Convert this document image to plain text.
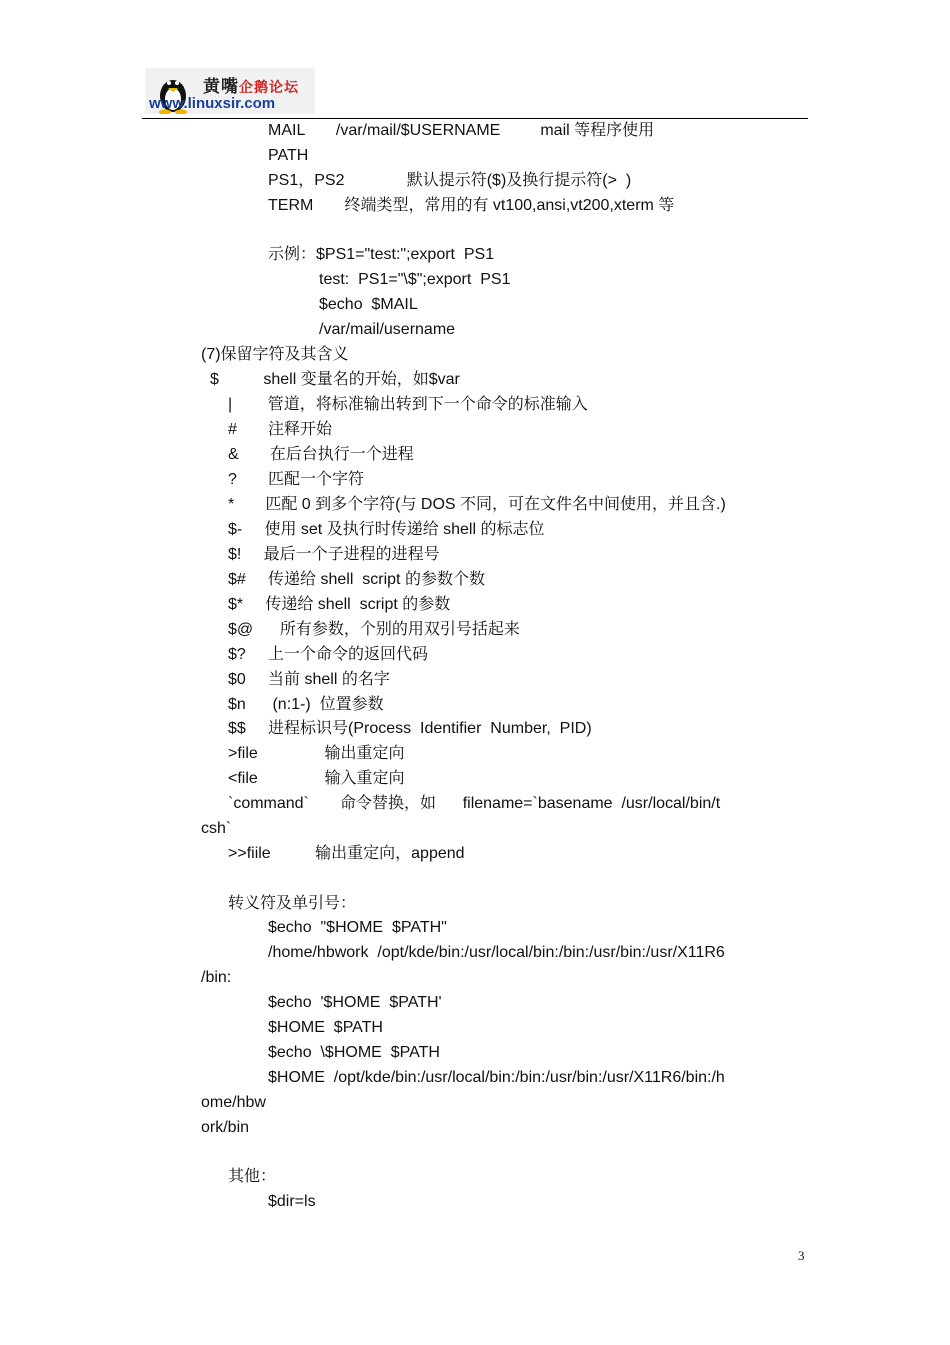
黄嘴企鹅论坛
www.linuxsir.com
MAIL       /var/mail/$USERNAME         mail 等程序使用
PATH
PS1，PS2              默认提示符($)及换行提示符(>  )
TERM       终端类型，常用的有 vt100,ansi,vt200,xterm 等
示例：$PS1="test:";export  PS1
test:  PS1="\$";export  PS1
$echo  $MAIL
/var/mail/username
(7)保留字符及其含义
$          shell 变量名的开始，如$var
|        管道，将标准输出转到下一个命令的标准输入
#       注释开始
&       在后台执行一个进程
?       匹配一个字符
*       匹配 0 到多个字符(与 DOS 不同，可在文件名中间使用，并且含.)
$-     使用 set 及执行时传递给 shell 的标志位
$!     最后一个子进程的进程号
$#     传递给 shell  script 的参数个数
$*     传递给 shell  script 的参数
$@      所有参数，个别的用双引号括起来
$?     上一个命令的返回代码
$0     当前 shell 的名字
$n      (n:1-)  位置参数
$$     进程标识号(Process  Identifier  Number,  PID)
>file               输出重定向
<file               输入重定向
`command`       命令替换，如      filename=`basename  /usr/local/bin/t
csh`
>>fiile          输出重定向，append
转义符及单引号：
$echo  "$HOME  $PATH"
/home/hbwork  /opt/kde/bin:/usr/local/bin:/bin:/usr/bin:/usr/X11R6
/bin:
$echo  '$HOME  $PATH'
$HOME  $PATH
$echo  \$HOME  $PATH
$HOME  /opt/kde/bin:/usr/local/bin:/bin:/usr/bin:/usr/X11R6/bin:/h
ome/hbw
ork/bin
其他：
$dir=ls
3
